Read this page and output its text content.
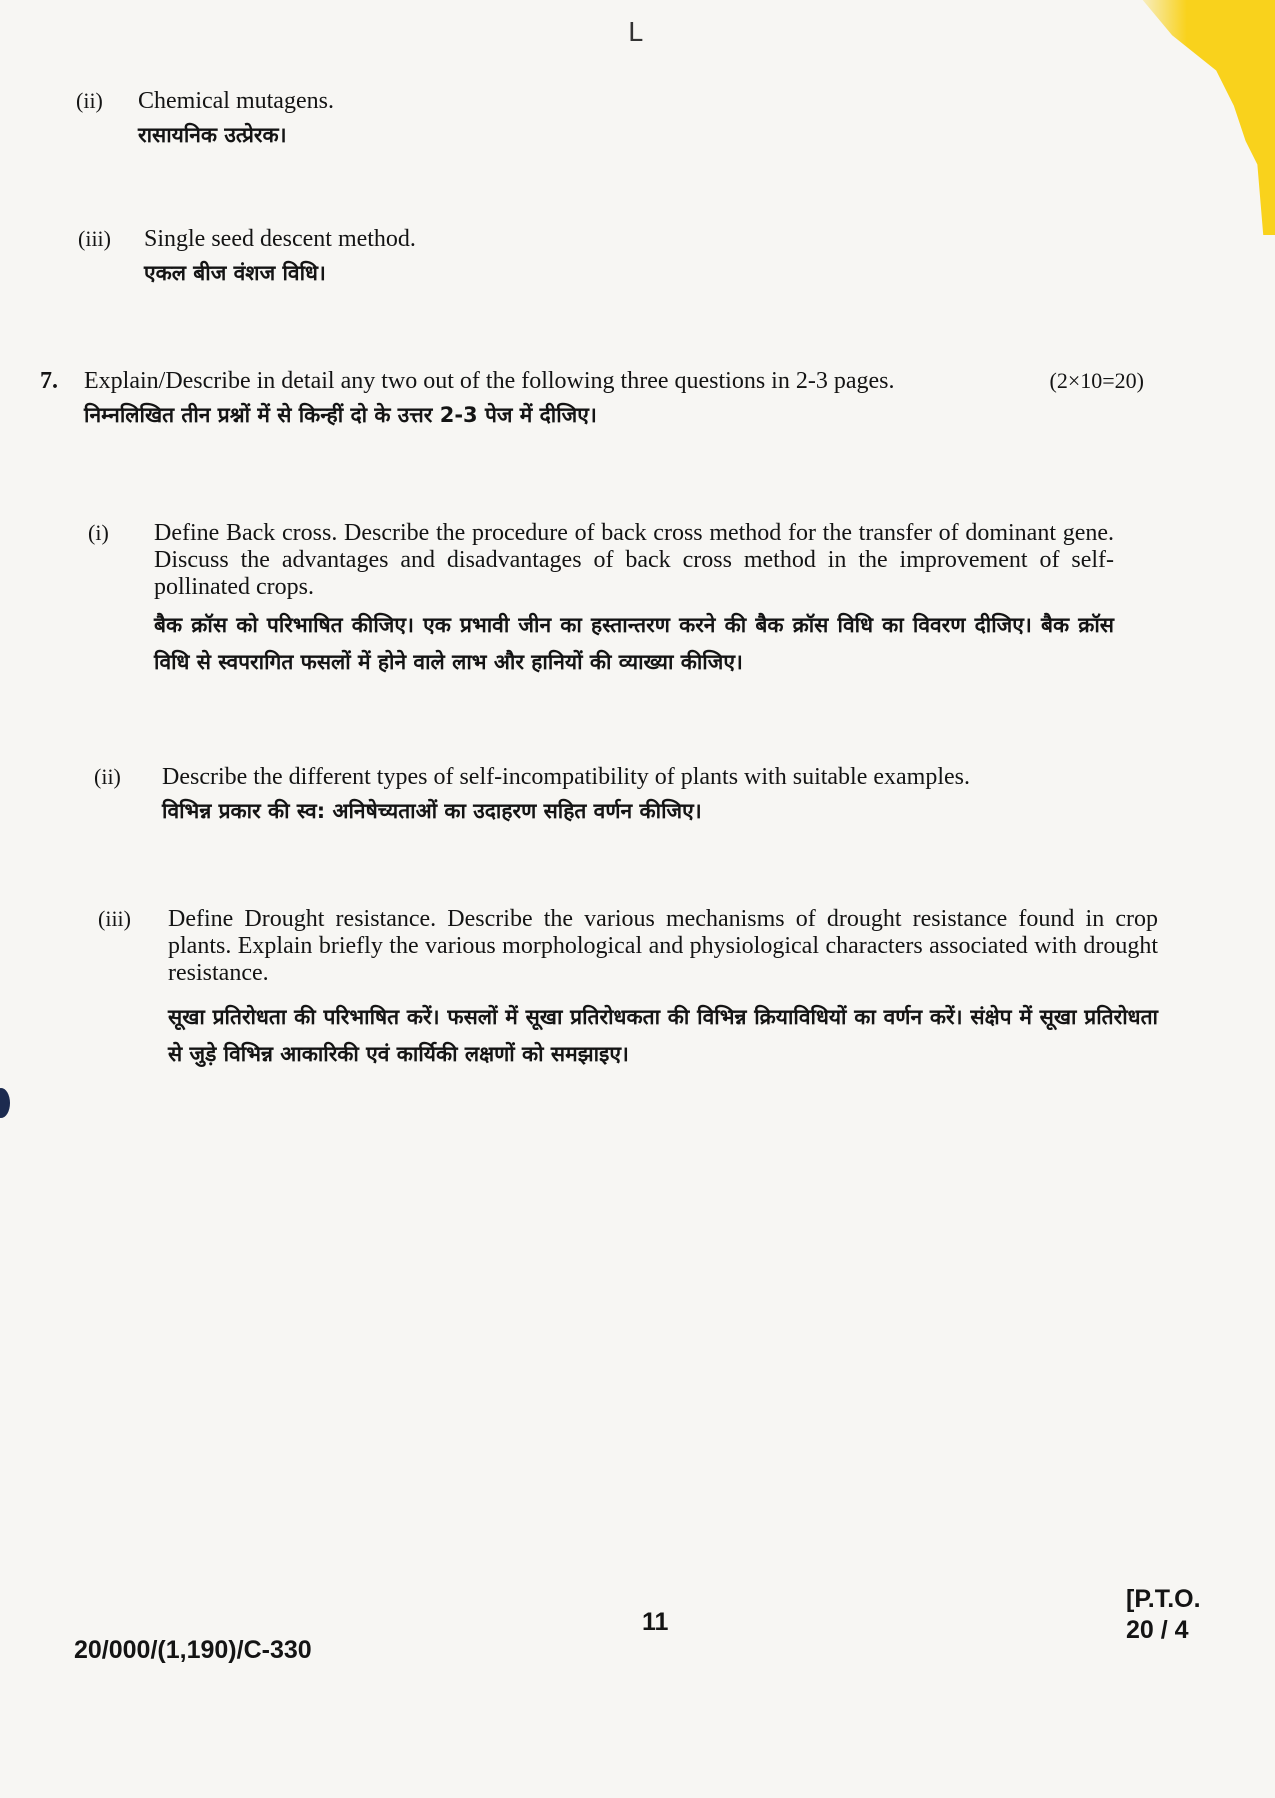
L
(ii) Chemical mutagens.
रासायनिक उत्प्रेरक।
(iii) Single seed descent method.
एकल बीज वंशज विधि।
7. Explain/Describe in detail any two out of the following three questions in 2-3 pages.	(2×10=20)
निम्नलिखित तीन प्रश्नों में से किन्हीं दो के उत्तर 2-3 पेज में दीजिए।
(i) Define Back cross. Describe the procedure of back cross method for the transfer of dominant gene. Discuss the advantages and disadvantages of back cross method in the improvement of self-pollinated crops.
बैक क्रॉस को परिभाषित कीजिए। एक प्रभावी जीन का हस्तान्तरण करने की बैक क्रॉस विधि का विवरण दीजिए। बैक क्रॉस विधि से स्वपरागित फसलों में होने वाले लाभ और हानियों की व्याख्या कीजिए।
(ii) Describe the different types of self-incompatibility of plants with suitable examples.
विभिन्न प्रकार की स्व: अनिषेच्यताओं का उदाहरण सहित वर्णन कीजिए।
(iii) Define Drought resistance. Describe the various mechanisms of drought resistance found in crop plants. Explain briefly the various morphological and physiological characters associated with drought resistance.
सूखा प्रतिरोधता की परिभाषित करें। फसलों में सूखा प्रतिरोधकता की विभिन्न क्रियाविधियों का वर्णन करें। संक्षेप में सूखा प्रतिरोधता से जुड़े विभिन्न आकारिकी एवं कार्यिकी लक्षणों को समझाइए।
20/000/(1,190)/C-330
11
[P.T.O.
20 / 4
